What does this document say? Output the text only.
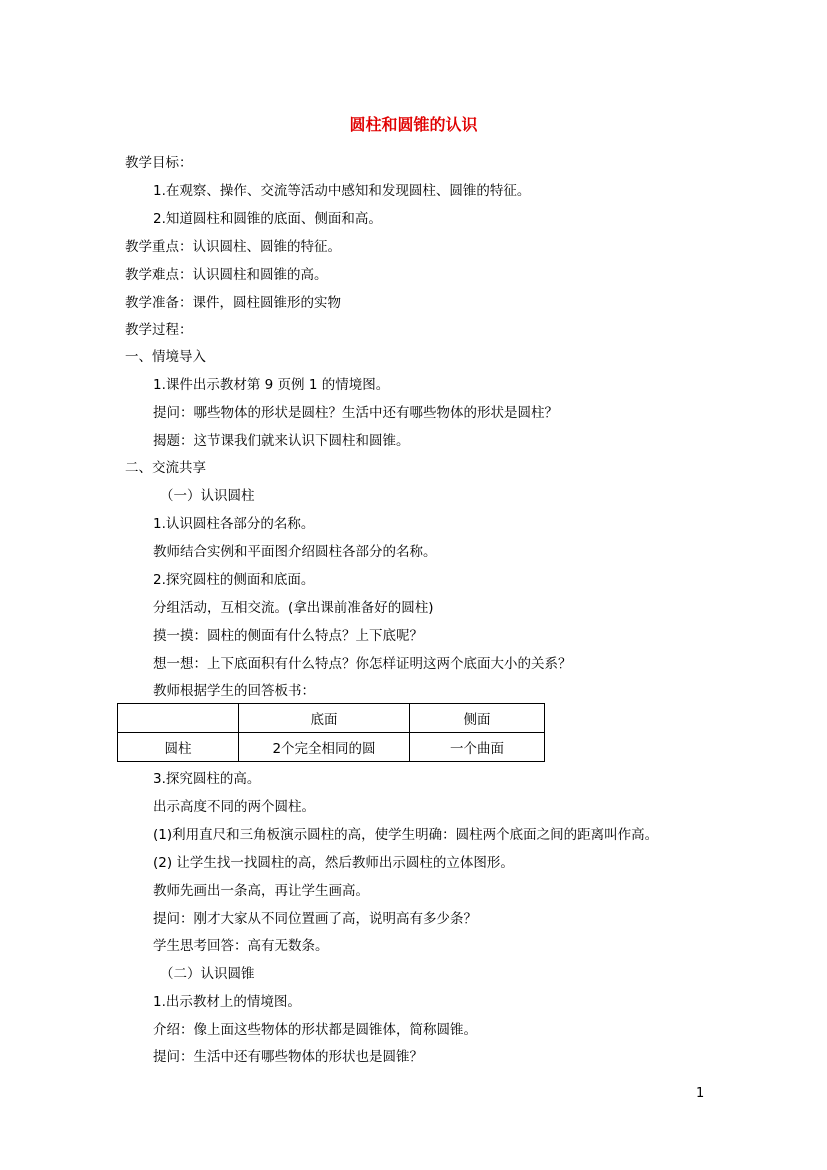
圆柱和圆锥的认识
教学目标：
1.在观察、操作、交流等活动中感知和发现圆柱、圆锥的特征。
2.知道圆柱和圆锥的底面、侧面和高。
教学重点：认识圆柱、圆锥的特征。
教学难点：认识圆柱和圆锥的高。
教学准备：课件，圆柱圆锥形的实物
教学过程：
一、情境导入
1.课件出示教材第 9 页例 1 的情境图。
提问：哪些物体的形状是圆柱？生活中还有哪些物体的形状是圆柱？
揭题：这节课我们就来认识下圆柱和圆锥。
二、交流共享
（一）认识圆柱
1.认识圆柱各部分的名称。
教师结合实例和平面图介绍圆柱各部分的名称。
2.探究圆柱的侧面和底面。
分组活动，互相交流。(拿出课前准备好的圆柱)
摸一摸：圆柱的侧面有什么特点？上下底呢？
想一想：上下底面积有什么特点？你怎样证明这两个底面大小的关系？
教师根据学生的回答板书：
	底面	侧面
圆柱	2个完全相同的圆	一个曲面
3.探究圆柱的高。
出示高度不同的两个圆柱。
(1)利用直尺和三角板演示圆柱的高，使学生明确：圆柱两个底面之间的距离叫作高。
(2) 让学生找一找圆柱的高，然后教师出示圆柱的立体图形。
教师先画出一条高，再让学生画高。
提问：刚才大家从不同位置画了高，说明高有多少条？
学生思考回答：高有无数条。
（二）认识圆锥
1.出示教材上的情境图。
介绍：像上面这些物体的形状都是圆锥体，简称圆锥。
提问：生活中还有哪些物体的形状也是圆锥？
1
